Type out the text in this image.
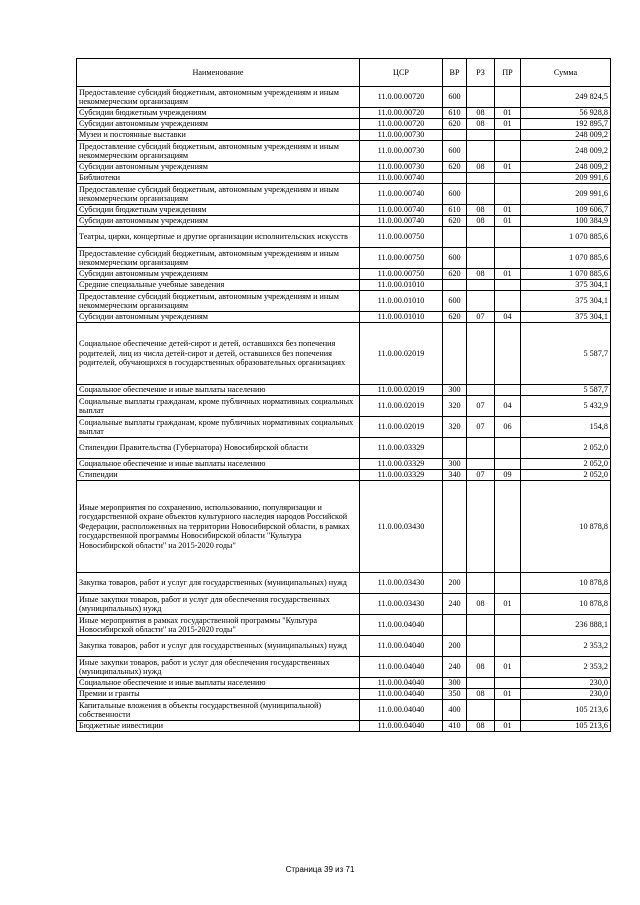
Наименование	ЦСР	ВР	РЗ	ПР	Сумма
Предоставление субсидий бюджетным, автономным учреждениям и иным некоммерческим организациям	11.0.00.00720	600			249 824,5
Субсидии бюджетным учреждениям	11.0.00.00720	610	08	01	56 928,8
Субсидии автономным учреждениям	11.0.00.00720	620	08	01	192 895,7
Музеи и постоянные выставки	11.0.00.00730				248 009,2
Предоставление субсидий бюджетным, автономным учреждениям и иным некоммерческим организациям	11.0.00.00730	600			248 009,2
Субсидии автономным учреждениям	11.0.00.00730	620	08	01	248 009,2
Библиотеки	11.0.00.00740				209 991,6
Предоставление субсидий бюджетным, автономным учреждениям и иным некоммерческим организациям	11.0.00.00740	600			209 991,6
Субсидии бюджетным учреждениям	11.0.00.00740	610	08	01	109 606,7
Субсидии автономным учреждениям	11.0.00.00740	620	08	01	100 384,9
Театры, цирки, концертные и другие организации исполнительских искусств	11.0.00.00750				1 070 885,6
Предоставление субсидий бюджетным, автономным учреждениям и иным некоммерческим организациям	11.0.00.00750	600			1 070 885,6
Субсидии автономным учреждениям	11.0.00.00750	620	08	01	1 070 885,6
Средние специальные учебные заведения	11.0.00.01010				375 304,1
Предоставление субсидий бюджетным, автономным учреждениям и иным некоммерческим организациям	11.0.00.01010	600			375 304,1
Субсидии автономным учреждениям	11.0.00.01010	620	07	04	375 304,1
Социальное обеспечение детей-сирот и детей, оставшихся без попечения родителей, лиц из числа детей-сирот и детей, оставшихся без попечения родителей, обучающихся в государственных образовательных организациях	11.0.00.02019				5 587,7
Социальное обеспечение и иные выплаты населению	11.0.00.02019	300			5 587,7
Социальные выплаты гражданам, кроме публичных нормативных социальных выплат	11.0.00.02019	320	07	04	5 432,9
Социальные выплаты гражданам, кроме публичных нормативных социальных выплат	11.0.00.02019	320	07	06	154,8
Стипендии Правительства (Губернатора) Новосибирской области	11.0.00.03329				2 052,0
Социальное обеспечение и иные выплаты населению	11.0.00.03329	300			2 052,0
Стипендии	11.0.00.03329	340	07	09	2 052,0
Иные мероприятия по сохранению, использованию, популяризации и государственной охране объектов культурного наследия народов Российской Федерации, расположенных на территории Новосибирской области, в рамках государственной программы Новосибирской области "Культура Новосибирской области" на 2015-2020 годы"	11.0.00.03430				10 878,8
Закупка товаров, работ и услуг для государственных (муниципальных) нужд	11.0.00.03430	200			10 878,8
Иные закупки товаров, работ и услуг для обеспечения государственных (муниципальных) нужд	11.0.00.03430	240	08	01	10 878,8
Иные мероприятия в рамках государственной программы "Культура Новосибирской области" на 2015-2020 годы"	11.0.00.04040				236 888,1
Закупка товаров, работ и услуг для государственных (муниципальных) нужд	11.0.00.04040	200			2 353,2
Иные закупки товаров, работ и услуг для обеспечения государственных (муниципальных) нужд	11.0.00.04040	240	08	01	2 353,2
Социальное обеспечение и иные выплаты населению	11.0.00.04040	300			230,0
Премии и гранты	11.0.00.04040	350	08	01	230,0
Капитальные вложения в объекты государственной (муниципальной) собственности	11.0.00.04040	400			105 213,6
Бюджетные инвестиции	11.0.00.04040	410	08	01	105 213,6
Страница 39 из 71
